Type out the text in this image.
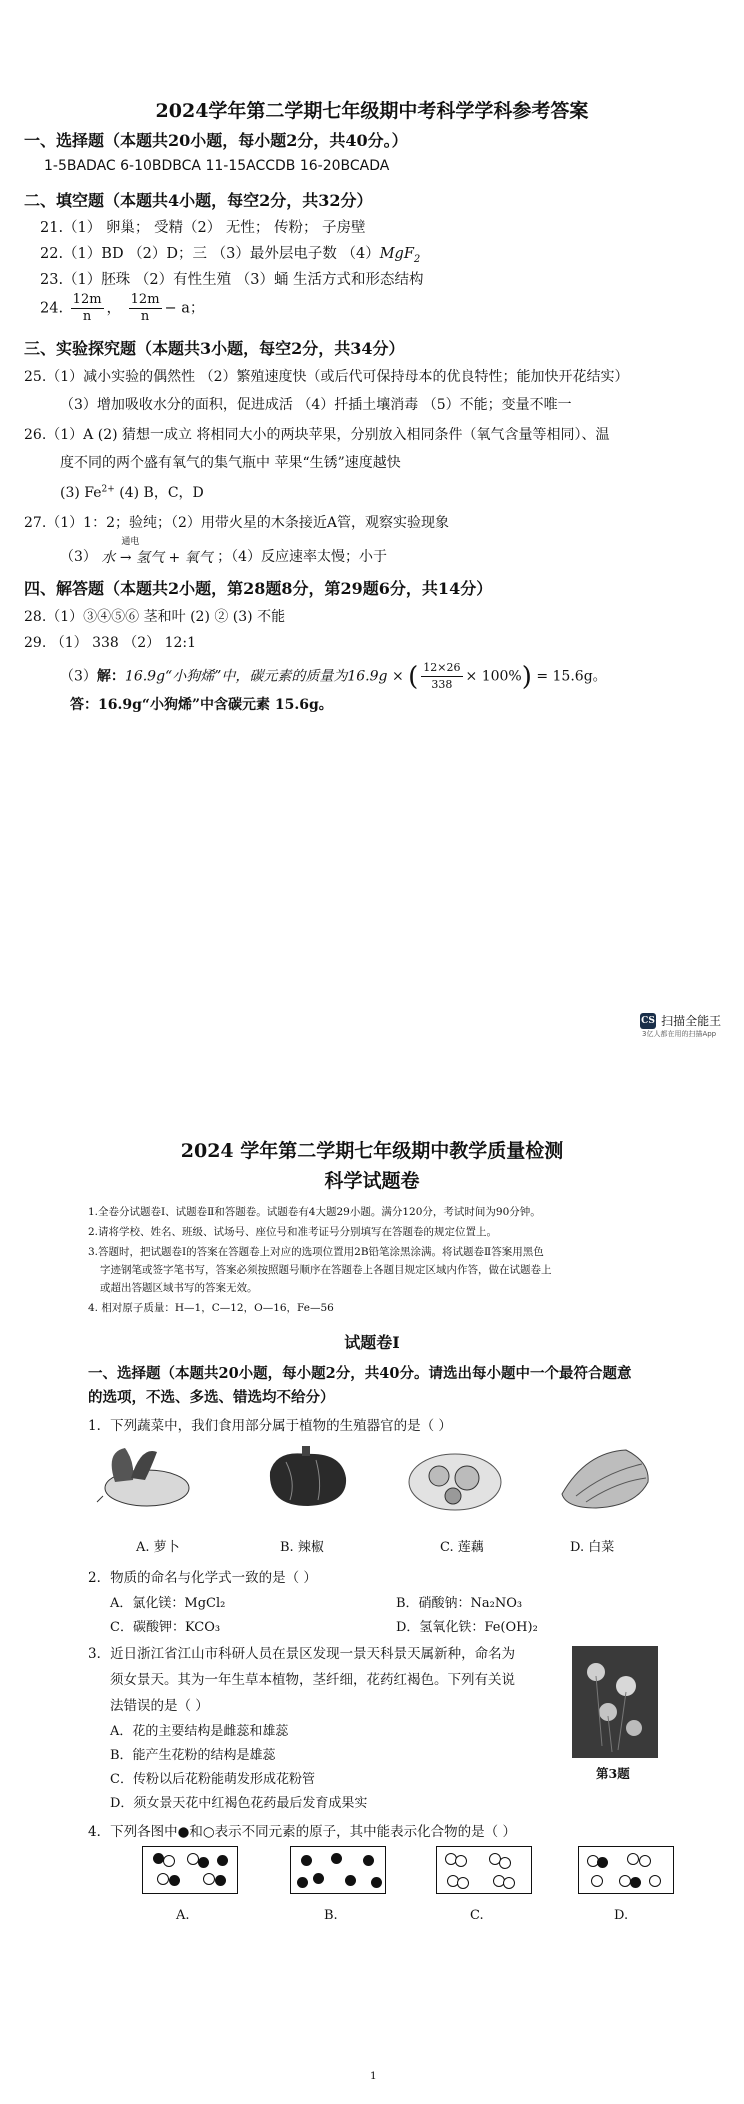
2024学年第二学期七年级期中考科学学科参考答案
一、选择题（本题共20小题，每小题2分，共40分。）
1-5BADAC 6-10BDBCA 11-15ACCDB 16-20BCADA
二、填空题（本题共4小题，每空2分，共32分）
21.（1） 卵巢； 受精（2） 无性； 传粉； 子房壁
22.（1）BD （2）D；三 （3）最外层电子数 （4）MgF$_2$
23.（1）胚珠 （2）有性生殖 （3）蛹 生活方式和形态结构
24. $\frac{12m}{n}$ ， $\frac{12m}{n} - a$；
三、实验探究题（本题共3小题，每空2分，共34分）
25.（1）减小实验的偶然性 （2）繁殖速度快（或后代可保持母本的优良特性；能加快开花结实）
（3）增加吸收水分的面积，促进成活 （4）扦插土壤消毒 （5）不能；变量不唯一
26.（1）A (2) 猜想一成立 将相同大小的两块苹果，分别放入相同条件（氧气含量等相同）、温
度不同的两个盛有氧气的集气瓶中 苹果“生锈”速度越快
(3) $Fe^{2+}$ (4) B，C，D
27.（1）1：2；验纯；（2）用带火星的木条接近A管，观察实验现象
（3）
通电
水 → 氢气 + 氧气 ；（4）反应速率太慢；小于
四、解答题（本题共2小题，第28题8分，第29题6分，共14分）
28.（1）③④⑤⑥ 茎和叶 (2) ② (3) 不能
29. （1） 338 （2） 12:1
（3）解：16.9g“小狗烯”中，碳元素的质量为16.9g × ( $\frac{12\times 26}{338} \times 100\%) = 15.6g$。
答：16.9g“小狗烯”中含碳元素 15.6g。
CS 扫描全能王
3亿人都在用的扫描App
2024 学年第二学期七年级期中教学质量检测
科学试题卷
1.全卷分试题卷Ⅰ、试题卷Ⅱ和答题卷。试题卷有4大题29小题。满分120分，考试时间为90分钟。
2.请将学校、姓名、班级、试场号、座位号和准考证号分别填写在答题卷的规定位置上。
3.答题时，把试题卷Ⅰ的答案在答题卷上对应的选项位置用2B铅笔涂黑涂满。将试题卷Ⅱ答案用黑色
字迹钢笔或签字笔书写，答案必须按照题号顺序在答题卷上各题目规定区域内作答，做在试题卷上
或超出答题区域书写的答案无效。
4. 相对原子质量：H—1，C—12，O—16，Fe—56
试题卷Ⅰ
一、选择题（本题共20小题，每小题2分，共40分。请选出每小题中一个最符合题意
的选项，不选、多选、错选均不给分）
1．下列蔬菜中，我们食用部分属于植物的生殖器官的是（ ）
A. 萝卜	B. 辣椒	C. 莲藕	D. 白菜
2．物质的命名与化学式一致的是（ ）
A．氯化镁：MgCl₂	B．硝酸钠：Na₂NO₃
C．碳酸钾：KCO₃	D．氢氧化铁：Fe(OH)₂
3．近日浙江省江山市科研人员在景区发现一景天科景天属新种，命名为
须女景天。其为一年生草本植物，茎纤细，花药红褐色。下列有关说
法错误的是（ ）
A．花的主要结构是雌蕊和雄蕊
B．能产生花粉的结构是雄蕊
C．传粉以后花粉能萌发形成花粉管
D．须女景天花中红褐色花药最后发育成果实
第3题
4．下列各图中●和○表示不同元素的原子，其中能表示化合物的是（ ）
A.	B.	C.	D.
1
